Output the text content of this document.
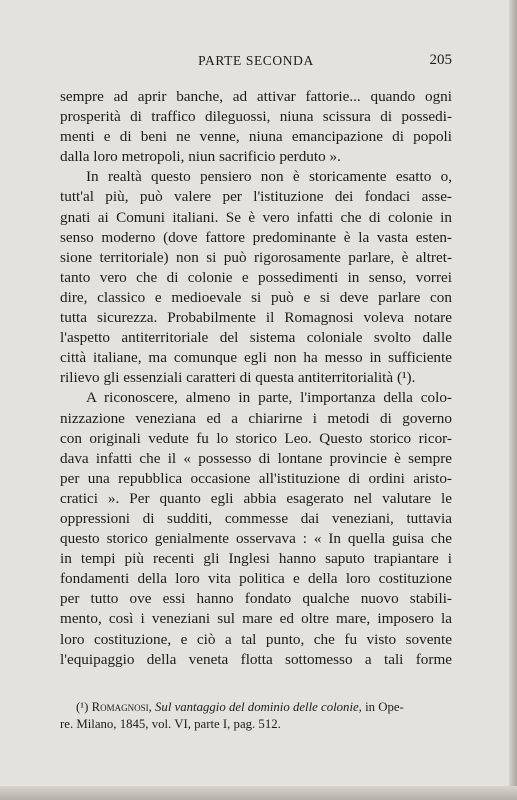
PARTE SECONDA	205
sempre ad aprir banche, ad attivar fattorie... quando ogni
prosperità di traffico dileguossi, niuna scissura di possedi-
menti e di beni ne venne, niuna emancipazione di popoli
dalla loro metropoli, niun sacrificio perduto ».
In realtà questo pensiero non è storicamente esatto o,
tutt'al più, può valere per l'istituzione dei fondaci asse-
gnati ai Comuni italiani. Se è vero infatti che di colonie in
senso moderno (dove fattore predominante è la vasta esten-
sione territoriale) non si può rigorosamente parlare, è altret-
tanto vero che di colonie e possedimenti in senso, vorrei
dire, classico e medioevale si può e si deve parlare con
tutta sicurezza. Probabilmente il Romagnosi voleva notare
l'aspetto antiterritoriale del sistema coloniale svolto dalle
città italiane, ma comunque egli non ha messo in sufficiente
rilievo gli essenziali caratteri di questa antiterritorialità (¹).
A riconoscere, almeno in parte, l'importanza della colo-
nizzazione veneziana ed a chiarirne i metodi di governo
con originali vedute fu lo storico Leo. Questo storico ricor-
dava infatti che il « possesso di lontane provincie è sempre
per una repubblica occasione all'istituzione di ordini aristo-
cratici ». Per quanto egli abbia esagerato nel valutare le
oppressioni di sudditi, commesse dai veneziani, tuttavia
questo storico genialmente osservava : « In quella guisa che
in tempi più recenti gli Inglesi hanno saputo trapiantare i
fondamenti della loro vita politica e della loro costituzione
per tutto ove essi hanno fondato qualche nuovo stabili-
mento, così i veneziani sul mare ed oltre mare, imposero la
loro costituzione, e ciò a tal punto, che fu visto sovente
l'equipaggio della veneta flotta sottomesso a tali forme
(¹) Romagnosi, Sul vantaggio del dominio delle colonie, in Ope-
re. Milano, 1845, vol. VI, parte I, pag. 512.
